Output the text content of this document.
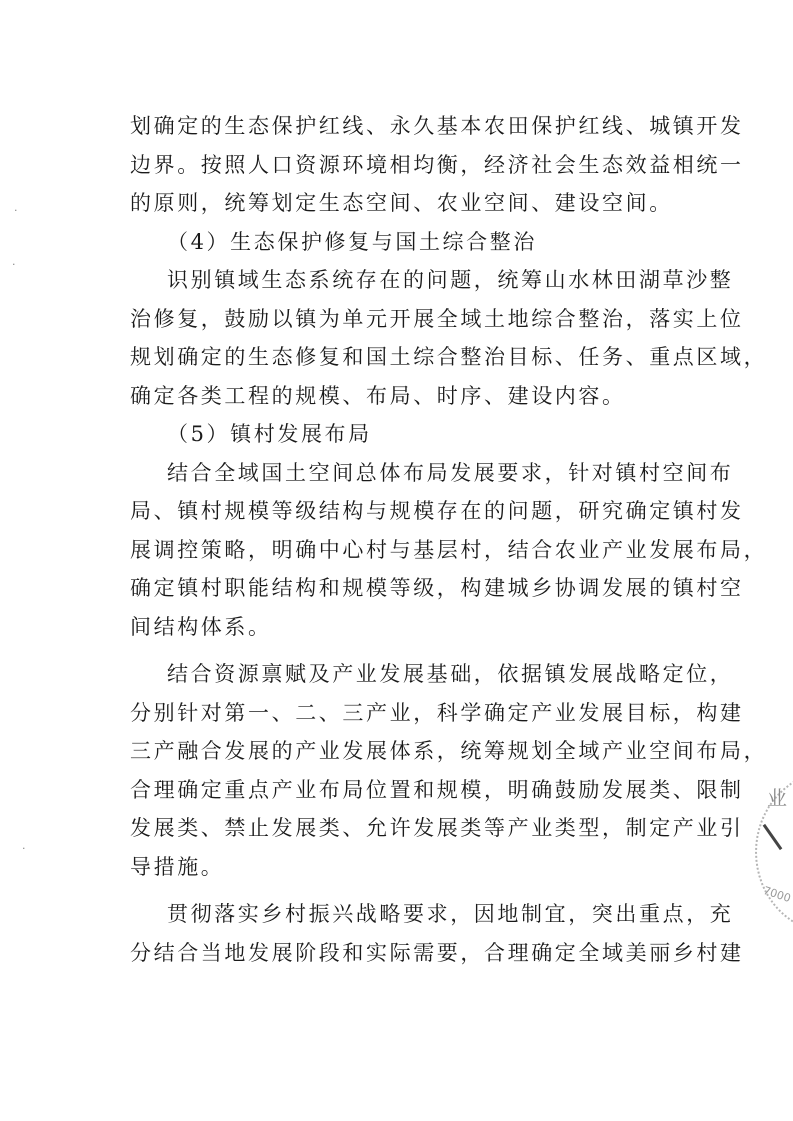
·
·
·
划确定的生态保护红线、永久基本农田保护红线、城镇开发
边界。按照人口资源环境相均衡，经济社会生态效益相统一
的原则，统筹划定生态空间、农业空间、建设空间。
（4）生态保护修复与国土综合整治
识别镇域生态系统存在的问题，统筹山水林田湖草沙整
治修复，鼓励以镇为单元开展全域土地综合整治，落实上位
规划确定的生态修复和国土综合整治目标、任务、重点区域，
确定各类工程的规模、布局、时序、建设内容。
（5）镇村发展布局
结合全域国土空间总体布局发展要求，针对镇村空间布
局、镇村规模等级结构与规模存在的问题，研究确定镇村发
展调控策略，明确中心村与基层村，结合农业产业发展布局，
确定镇村职能结构和规模等级，构建城乡协调发展的镇村空
间结构体系。
结合资源禀赋及产业发展基础，依据镇发展战略定位，
分别针对第一、二、三产业，科学确定产业发展目标，构建
三产融合发展的产业发展体系，统筹规划全域产业空间布局，
合理确定重点产业布局位置和规模，明确鼓励发展类、限制
发展类、禁止发展类、允许发展类等产业类型，制定产业引
导措施。
贯彻落实乡村振兴战略要求，因地制宜，突出重点，充
分结合当地发展阶段和实际需要，合理确定全域美丽乡村建
业
7000
